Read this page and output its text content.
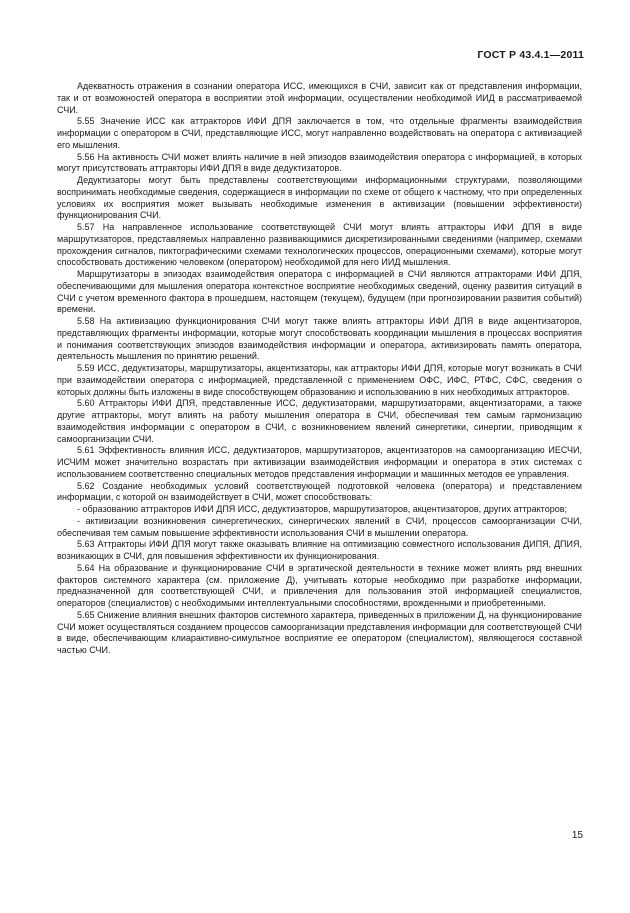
ГОСТ Р 43.4.1—2011

Адекватность отражения в сознании оператора ИСС, имеющихся в СЧИ, зависит как от представления информации, так и от возможностей оператора в восприятии этой информации, осуществлении необходимой ИИД в рассматриваемой СЧИ.

5.55 Значение ИСС как аттракторов ИФИ ДПЯ заключается в том, что отдельные фрагменты взаимодействия информации с оператором в СЧИ, представляющие ИСС, могут направленно воздействовать на оператора с активизацией его мышления.

5.56 На активность СЧИ может влиять наличие в ней эпизодов взаимодействия оператора с информацией, в которых могут присутствовать аттракторы ИФИ ДПЯ в виде дедуктизаторов.

Дедуктизаторы могут быть представлены соответствующими информационными структурами, позволяющими воспринимать необходимые сведения, содержащиеся в информации по схеме от общего к частному, что при определенных условиях их восприятия может вызывать необходимые изменения в активизации (повышении эффективности) функционирования СЧИ.

5.57 На направленное использование соответствующей СЧИ могут влиять аттракторы ИФИ ДПЯ в виде маршрутизаторов, представляемых направленно развивающимися дискретизированными сведениями (например, схемами прохождения сигналов, пиктографическими схемами технологических процессов, операционными схемами), которые могут способствовать достижению человеком (оператором) необходимой для него ИИД мышления.

Маршрутизаторы в эпизодах взаимодействия оператора с информацией в СЧИ являются аттракторами ИФИ ДПЯ, обеспечивающими для мышления оператора контекстное восприятие необходимых сведений, оценку развития ситуаций в СЧИ с учетом временного фактора в прошедшем, настоящем (текущем), будущем (при прогнозировании развития событий) времени.

5.58 На активизацию функционирования СЧИ могут также влиять аттракторы ИФИ ДПЯ в виде акцентизаторов, представляющих фрагменты информации, которые могут способствовать координации мышления в процессах восприятия и понимания соответствующих эпизодов взаимодействия информации и оператора, активизировать память оператора, деятельность мышления по принятию решений.

5.59 ИСС, дедуктизаторы, маршрутизаторы, акцентизаторы, как аттракторы ИФИ ДПЯ, которые могут возникать в СЧИ при взаимодействии оператора с информацией, представленной с применением ОФС, ИФС, РТФС, СФС, сведения о которых должны быть изложены в виде способствующем образованию и использованию в них необходимых аттракторов.

5.60 Аттракторы ИФИ ДПЯ, представленные ИСС, дедуктизаторами, маршрутизаторами, акцентизаторами, а также другие аттракторы, могут влиять на работу мышления оператора в СЧИ, обеспечивая тем самым гармонизацию взаимодействия информации с оператором в СЧИ, с возникновением явлений синергетики, синергии, приводящим к самоорганизации СЧИ.

5.61 Эффективность влияния ИСС, дедуктизаторов, маршрутизаторов, акцентизаторов на самоорганизацию ИЕСЧИ, ИСЧИМ может значительно возрастать при активизации взаимодействия информации и оператора в этих системах с использованием соответственно специальных методов представления информации и машинных методов ее управления.

5.62 Создание необходимых условий соответствующей подготовкой человека (оператора) и представлением информации, с которой он взаимодействует в СЧИ, может способствовать:

- образованию аттракторов ИФИ ДПЯ ИСС, дедуктизаторов, маршрутизаторов, акцентизаторов, других аттракторов;

- активизации возникновения синергетических, синергических явлений в СЧИ, процессов самоорганизации СЧИ, обеспечивая тем самым повышение эффективности использования СЧИ в мышлении оператора.

5.63 Аттракторы ИФИ ДПЯ могут также оказывать влияние на оптимизацию совместного использования ДИПЯ, ДПИЯ, возникающих в СЧИ, для повышения эффективности их функционирования.

5.64 На образование и функционирование СЧИ в эргатической деятельности в технике может влиять ряд внешних факторов системного характера (см. приложение Д), учитывать которые необходимо при разработке информации, предназначенной для соответствующей СЧИ, и привлечения для пользования этой информацией специалистов, операторов (специалистов) с необходимыми интеллектуальными способностями, врожденными и приобретенными.

5.65 Снижение влияния внешних факторов системного характера, приведенных в приложении Д, на функционирование СЧИ может осуществляться созданием процессов самоорганизации представления информации для соответствующей СЧИ в виде, обеспечивающим клиарактивно-симультное восприятие ее оператором (специалистом), являющегося составной частью СЧИ.

15
